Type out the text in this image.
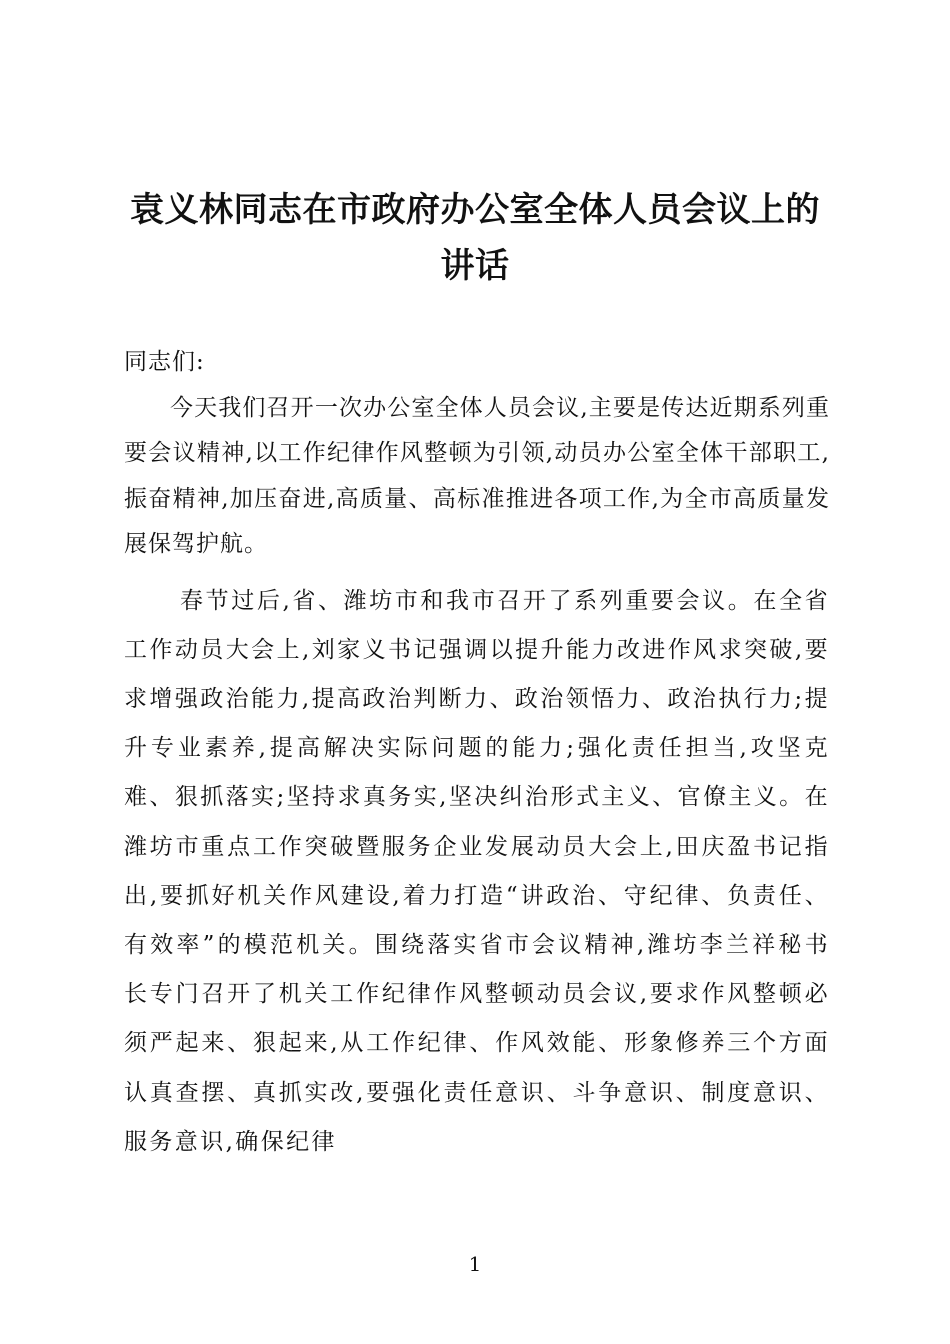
袁义林同志在市政府办公室全体人员会议上的
讲话

同志们:

今天我们召开一次办公室全体人员会议,主要是传达近期系列重要会议精神,以工作纪律作风整顿为引领,动员办公室全体干部职工,振奋精神,加压奋进,高质量、高标准推进各项工作,为全市高质量发展保驾护航。

春节过后,省、潍坊市和我市召开了系列重要会议。在全省工作动员大会上,刘家义书记强调以提升能力改进作风求突破,要求增强政治能力,提高政治判断力、政治领悟力、政治执行力;提升专业素养,提高解决实际问题的能力;强化责任担当,攻坚克难、狠抓落实;坚持求真务实,坚决纠治形式主义、官僚主义。在潍坊市重点工作突破暨服务企业发展动员大会上,田庆盈书记指出,要抓好机关作风建设,着力打造“讲政治、守纪律、负责任、有效率”的模范机关。围绕落实省市会议精神,潍坊李兰祥秘书长专门召开了机关工作纪律作风整顿动员会议,要求作风整顿必须严起来、狠起来,从工作纪律、作风效能、形象修养三个方面认真查摆、真抓实改,要强化责任意识、斗争意识、制度意识、服务意识,确保纪律

1
